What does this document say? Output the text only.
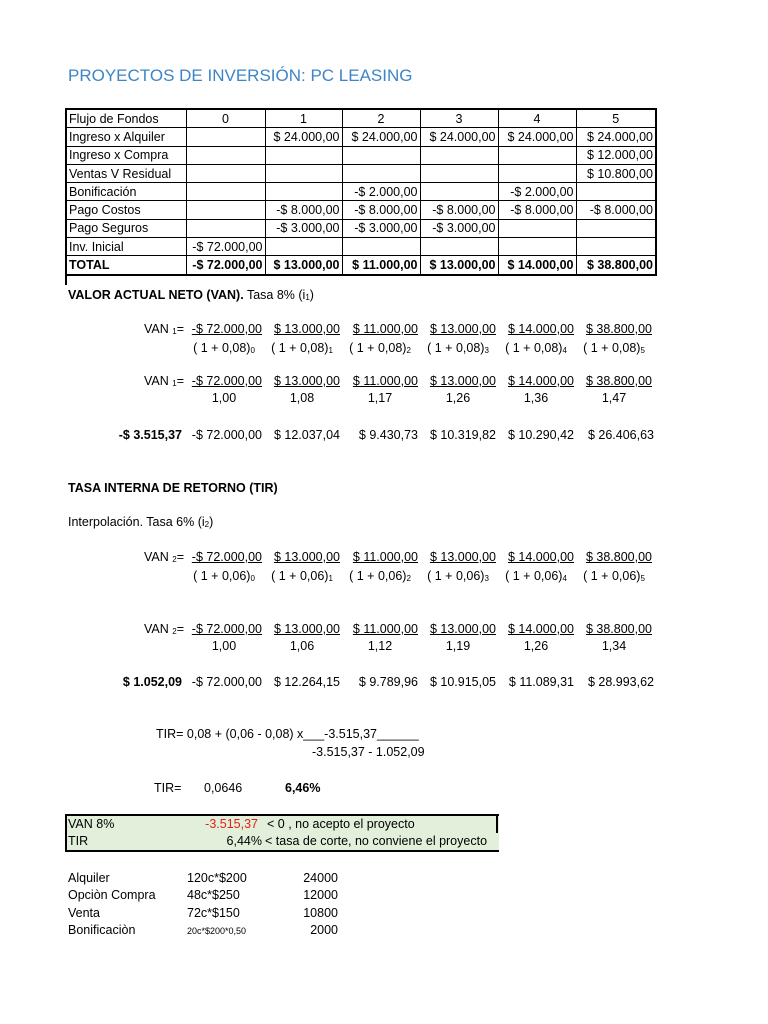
PROYECTOS DE INVERSIÓN: PC LEASING
Flujo de Fondos	0	1	2	3	4	5
Ingreso x Alquiler		$ 24.000,00	$ 24.000,00	$ 24.000,00	$ 24.000,00	$ 24.000,00
Ingreso x Compra						$ 12.000,00
Ventas V Residual						$ 10.800,00
Bonificación			-$ 2.000,00		-$ 2.000,00	
Pago Costos		-$ 8.000,00	-$ 8.000,00	-$ 8.000,00	-$ 8.000,00	-$ 8.000,00
Pago Seguros		-$ 3.000,00	-$ 3.000,00	-$ 3.000,00		
Inv. Inicial	-$ 72.000,00					
TOTAL	-$ 72.000,00	$ 13.000,00	$ 11.000,00	$ 13.000,00	$ 14.000,00	$ 38.800,00
VALOR ACTUAL NETO (VAN). Tasa 8% $(i_1)$
VAN $_1$= -$ 72.000,00 $ 13.000,00	$ 11.000,00 $ 13.000,00 $ 14.000,00 $ 38.800,00
( $1 + 0,08)_0$	( $1 + 0,08)_1$	( $1 + 0,08)_2$	( $1 + 0,08)_3$	( $1 + 0,08)_4$	( $1 + 0,08)_5$
VAN $_1$= -$ 72.000,00 $ 13.000,00	$ 11.000,00 $ 13.000,00 $ 14.000,00 $ 38.800,00
1,00	1,08	1,17	1,26	1,36	1,47
-$ 3.515,37 -$ 72.000,00 $ 12.037,04	$ 9.430,73 $ 10.319,82 $ 10.290,42	$ 26.406,63
TASA INTERNA DE RETORNO (TIR)
Interpolación. Tasa 6% $(i_2)$
VAN $_2$= -$ 72.000,00 $ 13.000,00	$ 11.000,00 $ 13.000,00 $ 14.000,00 $ 38.800,00
( $1 + 0,06)_0$	( $1 + 0,06)_1$	( $1 + 0,06)_2$	( $1 + 0,06)_3$	( $1 + 0,06)_4$	( $1 + 0,06)_5$
VAN $_2$= -$ 72.000,00 $ 13.000,00	$ 11.000,00 $ 13.000,00 $ 14.000,00 $ 38.800,00
1,00	1,06	1,12	1,19	1,26	1,34
$ 1.052,09 -$ 72.000,00 $ 12.264,15	$ 9.789,96 $ 10.915,05	$ 11.089,31	$ 28.993,62
TIR= 0,08 + (0,06 - 0,08) x___-3.515,37______
-3.515,37 - 1.052,09
TIR= 0,0646	6,46%
VAN 8%	-3.515,37 < 0 , no acepto el proyecto
TIR	6,44% < tasa de corte, no conviene el proyecto
Alquiler	120c*$200	24000
Opciòn Compra	48c*$250	12000
Venta	72c*$150	10800
Bonificaciòn	20c*$200*0,50	2000
